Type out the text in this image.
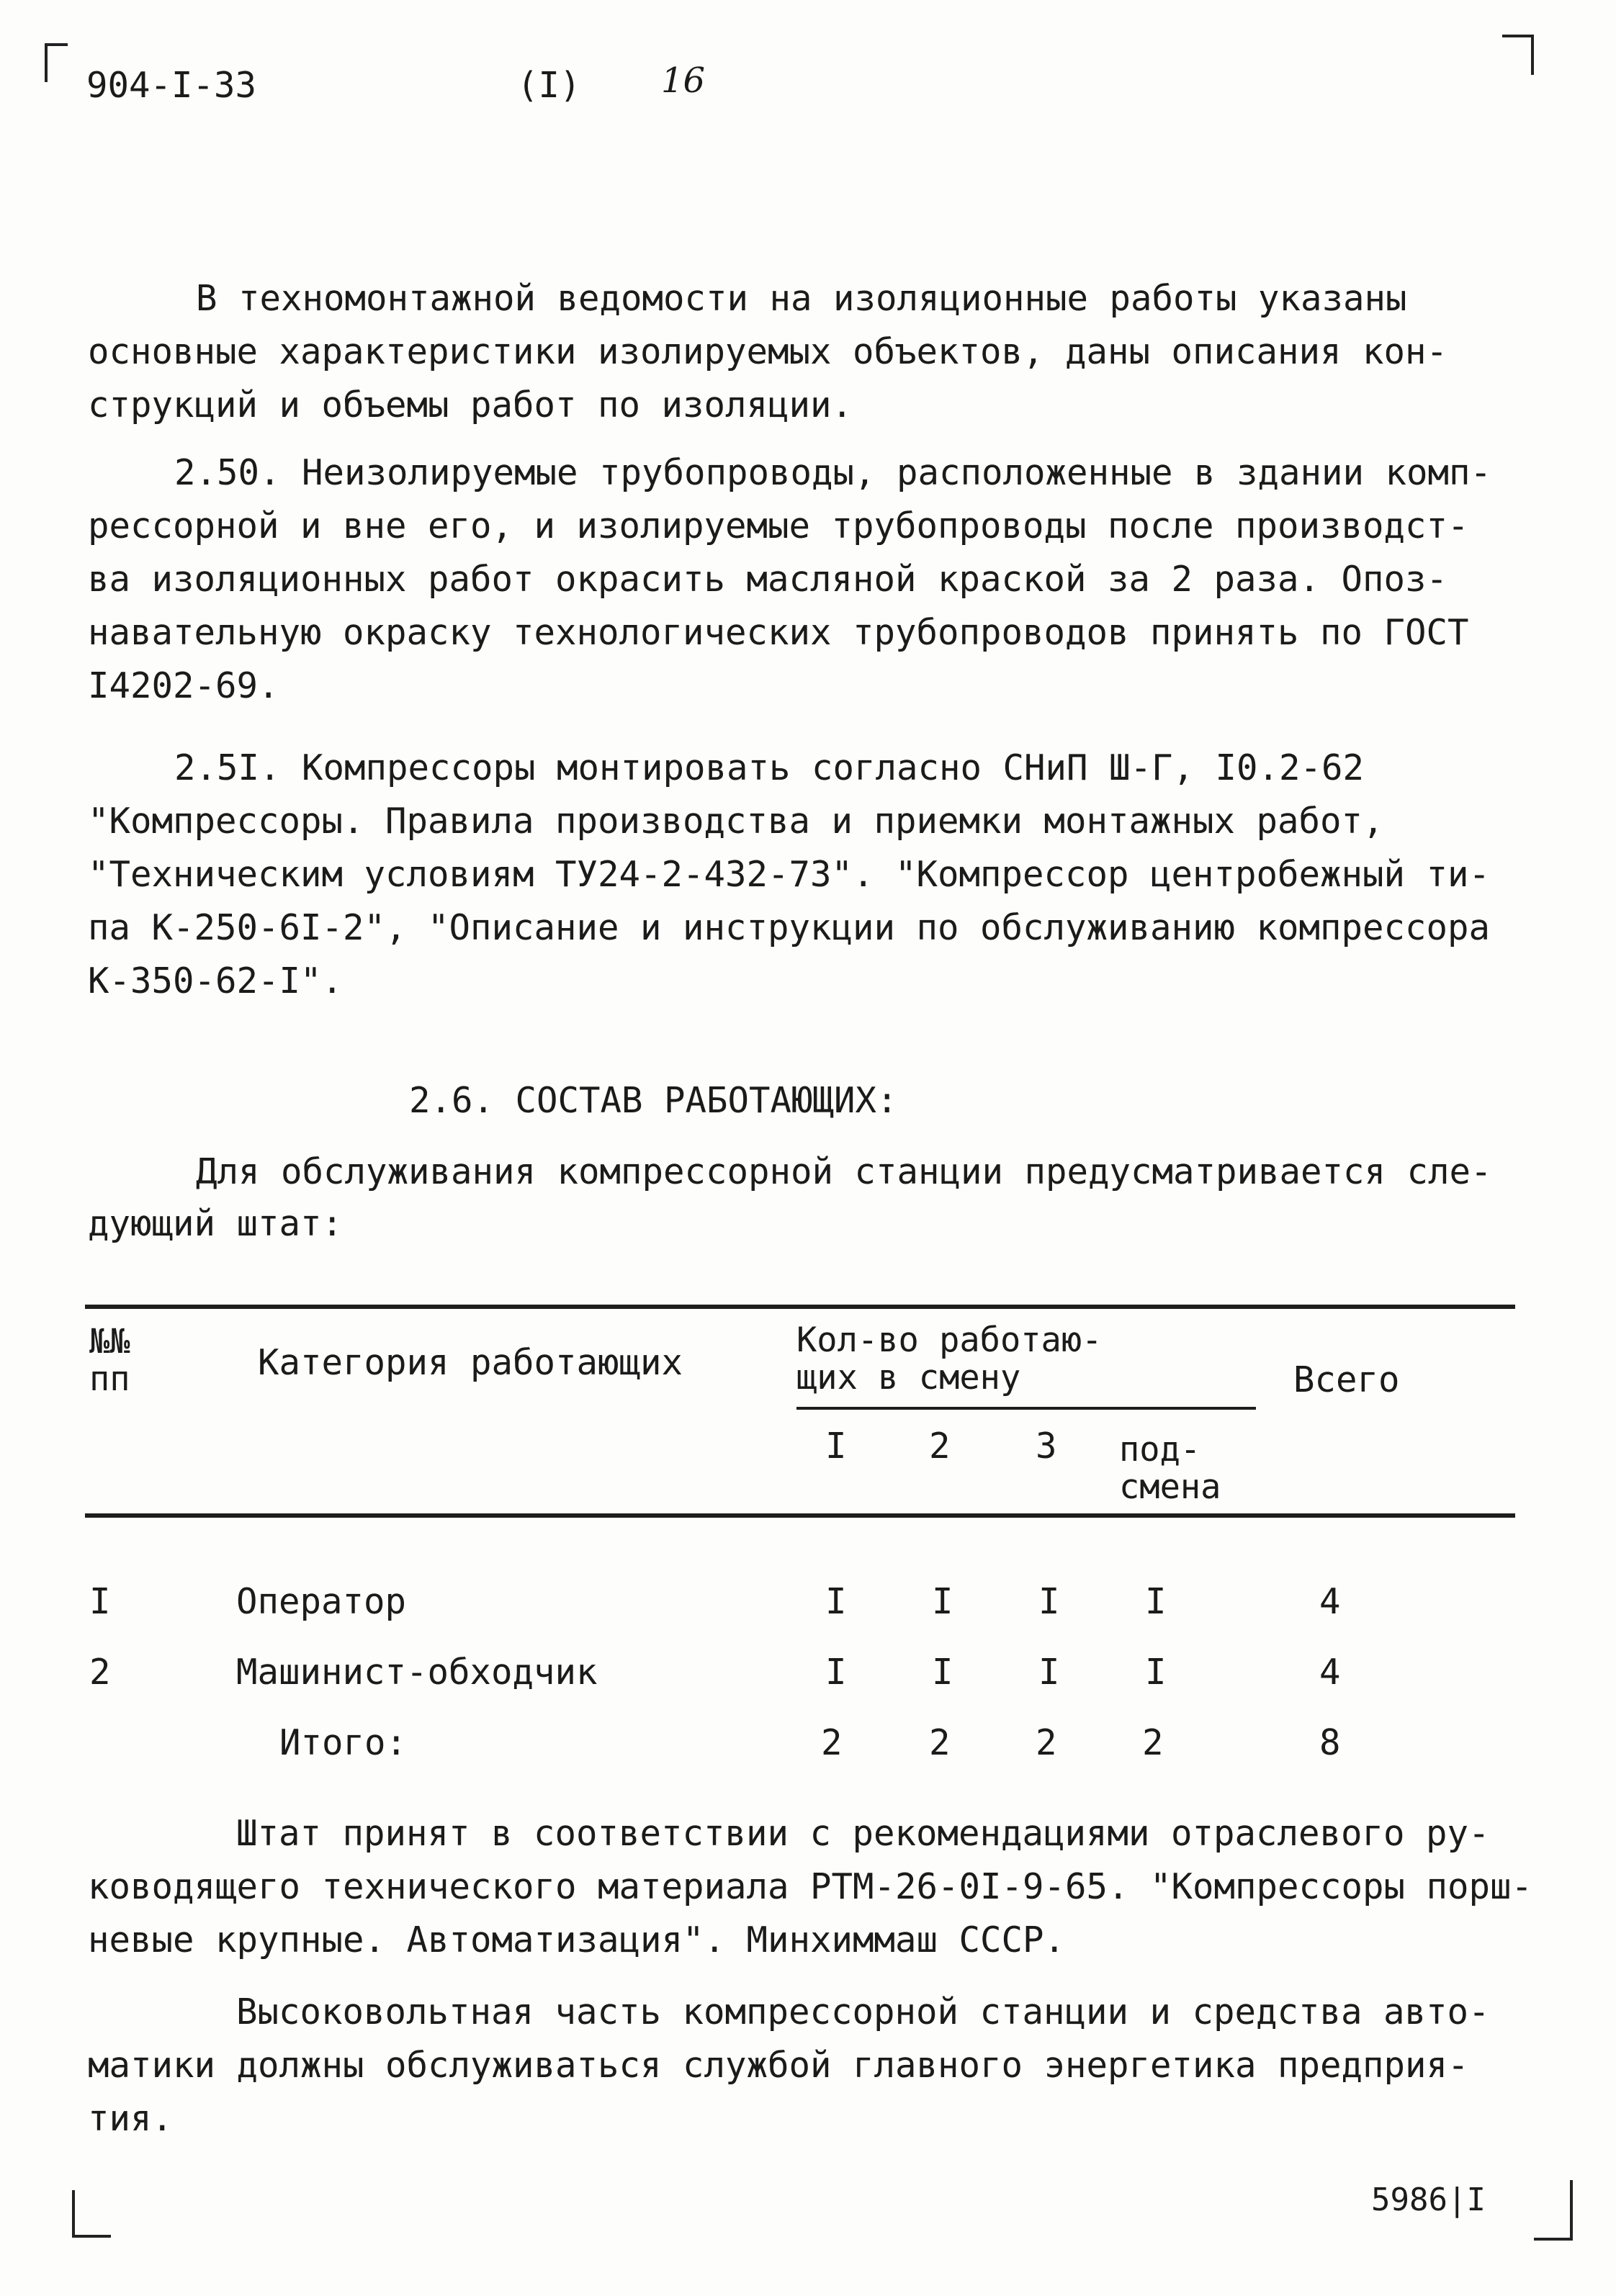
904-I-33	(I) 16
В техномонтажной ведомости на изоляционные работы указаны
основные характеристики изолируемых объектов, даны описания кон-
струкций и объемы работ по изоляции.
2.50. Неизолируемые трубопроводы, расположенные в здании комп-
рессорной и вне его, и изолируемые трубопроводы после производст-
ва изоляционных работ окрасить масляной краской за 2 раза. Опоз-
навательную окраску технологических трубопроводов принять по ГОСТ
I4202-69.
2.5I. Компрессоры монтировать согласно СНиП Ш-Г, I0.2-62
"Компрессоры. Правила производства и приемки монтажных работ,
"Техническим условиям ТУ24-2-432-73". "Компрессор центробежный ти-
па К-250-6I-2", "Описание и инструкции по обслуживанию компрессора
К-350-62-I".
2.6. СОСТАВ РАБОТАЮЩИХ:
Для обслуживания компрессорной станции предусматривается сле-
дующий штат:
№№
пп	Категория работающих
Кол-во работаю-
щих в смену	Всего
I 2 3 под-
смена
I	Оператор	I I I I	4
2	Машинист-обходчик	I I I I	4
Итого:	2 2 2 2	8
Штат принят в соответствии с рекомендациями отраслевого ру-
ководящего технического материала РТМ-26-0I-9-65. "Компрессоры порш-
невые крупные. Автоматизация". Минхиммаш СССР.
Высоковольтная часть компрессорной станции и средства авто-
матики должны обслуживаться службой главного энергетика предприя-
тия.
5986|I
